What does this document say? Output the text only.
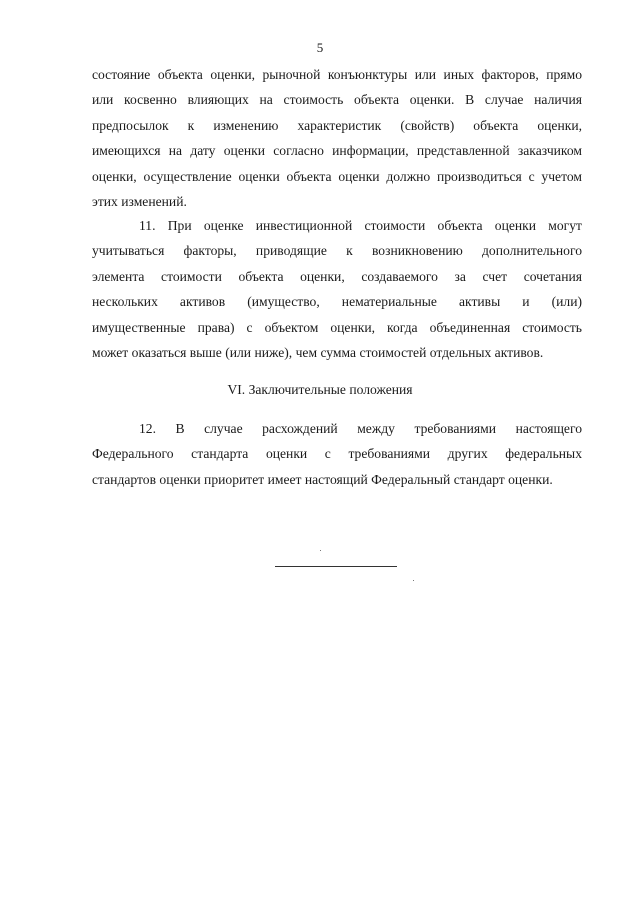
5
состояние объекта оценки, рыночной конъюнктуры или иных факторов, прямо
или косвенно влияющих на стоимость объекта оценки. В случае наличия
предпосылок к изменению характеристик (свойств) объекта оценки,
имеющихся на дату оценки согласно информации, представленной заказчиком
оценки, осуществление оценки объекта оценки должно производиться с учетом
этих изменений.
11. При оценке инвестиционной стоимости объекта оценки могут
учитываться факторы, приводящие к возникновению дополнительного
элемента стоимости объекта оценки, создаваемого за счет сочетания
нескольких активов (имущество, нематериальные активы и (или)
имущественные права) с объектом оценки, когда объединенная стоимость
может оказаться выше (или ниже), чем сумма стоимостей отдельных активов.
VI. Заключительные положения
12. В случае расхождений между требованиями настоящего
Федерального стандарта оценки с требованиями других федеральных
стандартов оценки приоритет имеет настоящий Федеральный стандарт оценки.
